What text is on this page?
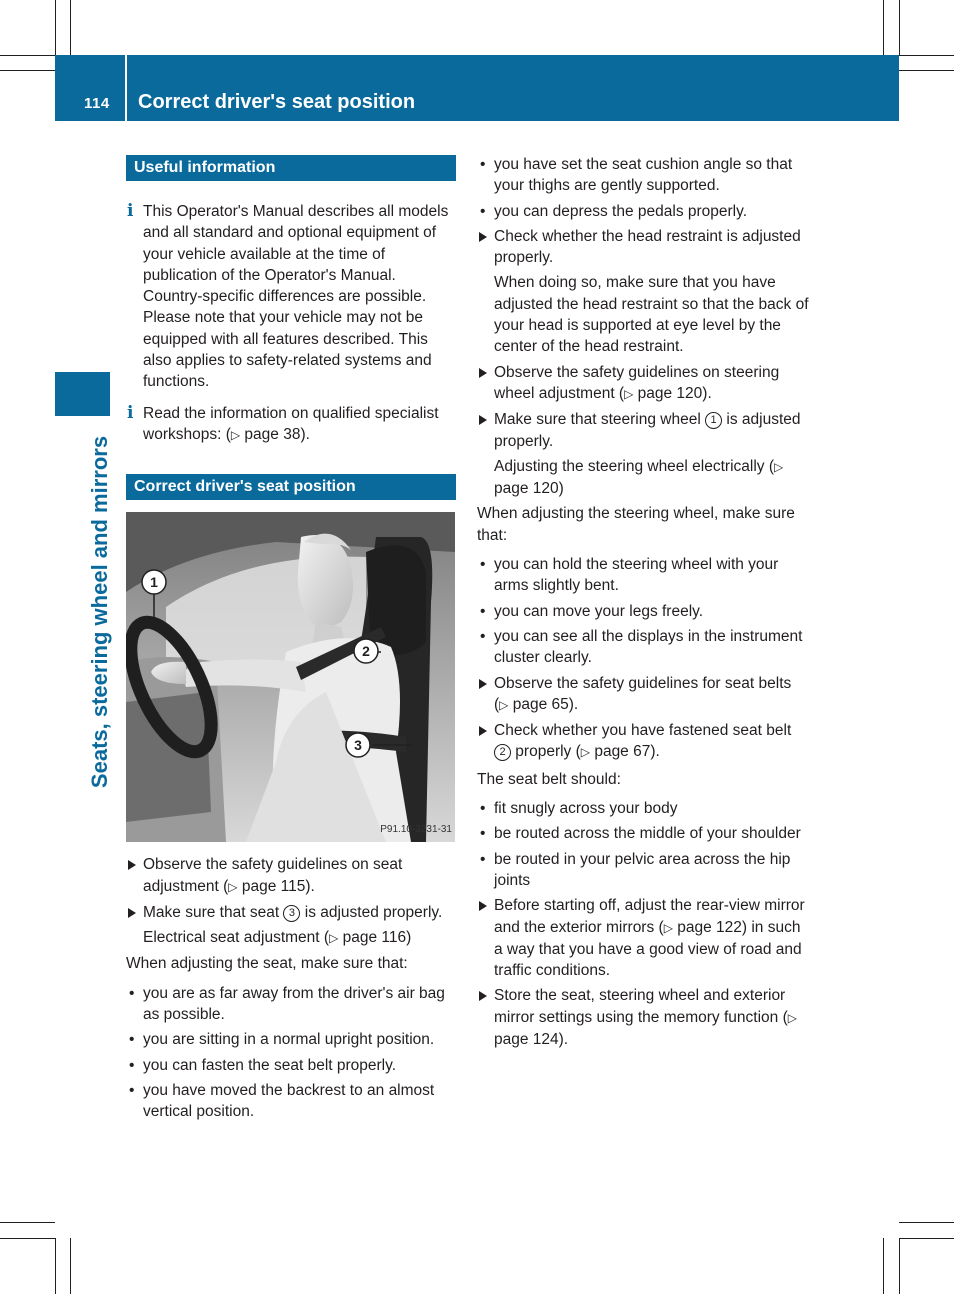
114 Correct driver's seat position
Seats, steering wheel and mirrors
Useful information
i This Operator's Manual describes all models and all standard and optional equipment of your vehicle available at the time of publication of the Operator's Manual. Country-specific differences are possible. Please note that your vehicle may not be equipped with all features described. This also applies to safety-related systems and functions.

i Read the information on qualified specialist workshops: (▷ page 38).

Correct driver's seat position
1
2
3
P91.10-3231-31
Observe the safety guidelines on seat adjustment (▷ page 115).
Make sure that seat 3 is adjusted properly.
Electrical seat adjustment (▷ page 116)

When adjusting the seat, make sure that:

• you are as far away from the driver's air bag as possible.
• you are sitting in a normal upright position.
• you can fasten the seat belt properly.
• you have moved the backrest to an almost vertical position.
• you have set the seat cushion angle so that your thighs are gently supported.
• you can depress the pedals properly.
Check whether the head restraint is adjusted properly.
When doing so, make sure that you have adjusted the head restraint so that the back of your head is supported at eye level by the center of the head restraint.
Observe the safety guidelines on steering wheel adjustment (▷ page 120).
Make sure that steering wheel 1 is adjusted properly.
Adjusting the steering wheel electrically (▷ page 120)

When adjusting the steering wheel, make sure that:

• you can hold the steering wheel with your arms slightly bent.
• you can move your legs freely.
• you can see all the displays in the instrument cluster clearly.
Observe the safety guidelines for seat belts (▷ page 65).
Check whether you have fastened seat belt 2 properly (▷ page 67).

The seat belt should:

• fit snugly across your body
• be routed across the middle of your shoulder
• be routed in your pelvic area across the hip joints
Before starting off, adjust the rear-view mirror and the exterior mirrors (▷ page 122) in such a way that you have a good view of road and traffic conditions.
Store the seat, steering wheel and exterior mirror settings using the memory function (▷ page 124).
